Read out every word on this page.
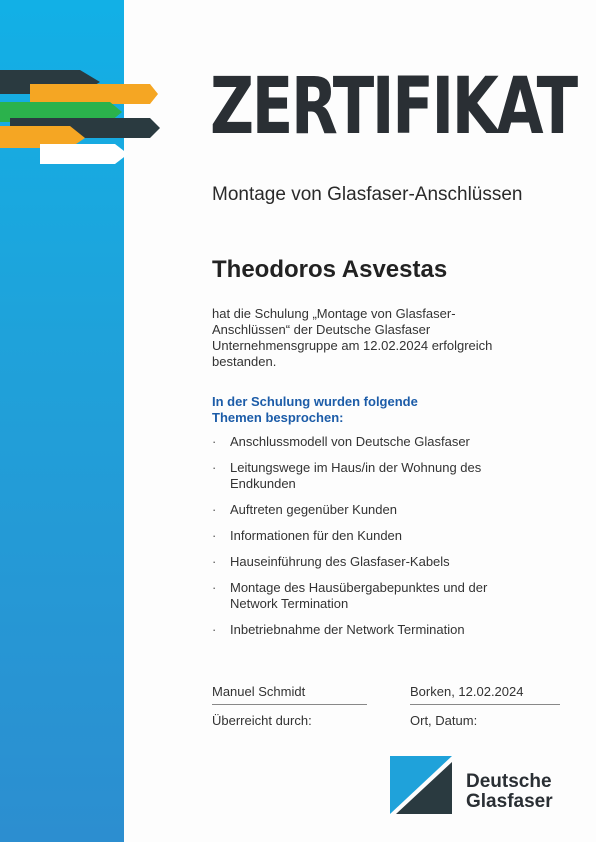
ZERTIFIKAT
Montage von Glasfaser-Anschlüssen
Theodoros Asvestas
hat die Schulung „Montage von Glasfaser-Anschlüssen“ der Deutsche Glasfaser Unternehmensgruppe am 12.02.2024 erfolgreich bestanden.
In der Schulung wurden folgende Themen besprochen:
· Anschlussmodell von Deutsche Glasfaser
· Leitungswege im Haus/in der Wohnung des Endkunden
· Auftreten gegenüber Kunden
· Informationen für den Kunden
· Hauseinführung des Glasfaser-Kabels
· Montage des Hausübergabepunktes und der Network Termination
· Inbetriebnahme der Network Termination
Manuel Schmidt
Überreicht durch:
Borken, 12.02.2024
Ort, Datum:
Deutsche
Glasfaser
